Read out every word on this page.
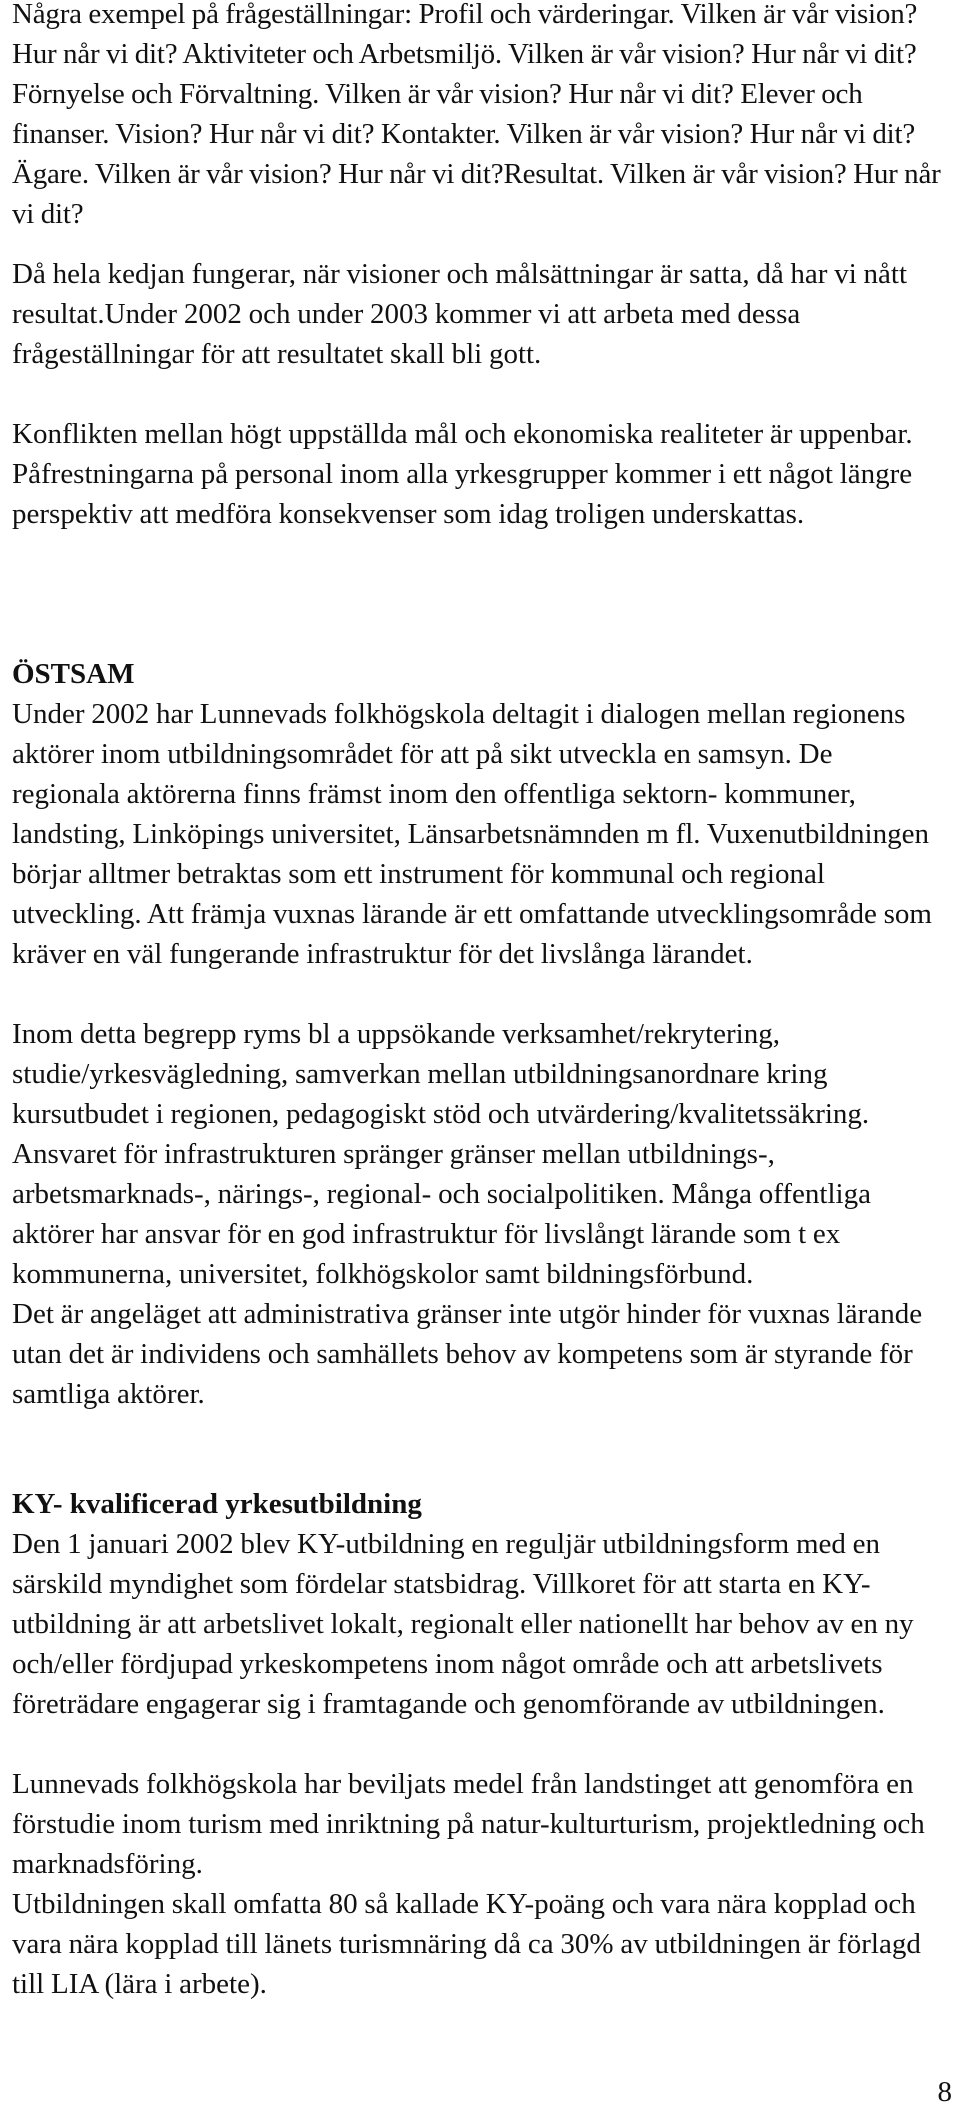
Några exempel på frågeställningar: Profil och värderingar. Vilken är vår vision? Hur når vi dit? Aktiviteter och Arbetsmiljö. Vilken är vår vision? Hur når vi dit? Förnyelse och Förvaltning. Vilken är vår vision? Hur når vi dit? Elever och finanser. Vision? Hur når vi dit? Kontakter. Vilken är vår vision? Hur når vi dit? Ägare. Vilken är vår vision? Hur når vi dit?Resultat. Vilken är vår vision? Hur når vi dit?

Då hela kedjan fungerar, när visioner och målsättningar är satta, då har vi nått resultat.Under 2002 och under 2003 kommer vi att arbeta med dessa frågeställningar för att resultatet skall bli gott.

Konflikten mellan högt uppställda mål och ekonomiska realiteter är uppenbar. Påfrestningarna på personal inom alla yrkesgrupper kommer i ett något längre perspektiv att medföra konsekvenser som idag troligen underskattas.

ÖSTSAM

Under 2002 har Lunnevads folkhögskola deltagit i dialogen mellan regionens aktörer inom utbildningsområdet för att på sikt utveckla en samsyn. De regionala aktörerna finns främst inom den offentliga sektorn- kommuner, landsting, Linköpings universitet, Länsarbetsnämnden m fl. Vuxenutbildningen börjar alltmer betraktas som ett instrument för kommunal och regional utveckling. Att främja vuxnas lärande är ett omfattande utvecklingsområde som kräver en väl fungerande infrastruktur för det livslånga lärandet.

Inom detta begrepp ryms bl a uppsökande verksamhet/rekrytering, studie/yrkesvägledning, samverkan mellan utbildningsanordnare kring kursutbudet i regionen, pedagogiskt stöd och utvärdering/kvalitetssäkring.

Ansvaret för infrastrukturen spränger gränser mellan utbildnings-, arbetsmarknads-, närings-, regional- och socialpolitiken. Många offentliga aktörer har ansvar för en god infrastruktur för livslångt lärande som t ex kommunerna, universitet, folkhögskolor samt bildningsförbund.

Det är angeläget att administrativa gränser inte utgör hinder för vuxnas lärande utan det är individens och samhällets behov av kompetens som är styrande för samtliga aktörer.

KY- kvalificerad yrkesutbildning

Den 1 januari 2002 blev KY-utbildning en reguljär utbildningsform med en särskild myndighet som fördelar statsbidrag. Villkoret för att starta en KY-utbildning är att arbetslivet lokalt, regionalt eller nationellt har behov av en ny och/eller fördjupad yrkeskompetens inom något område och att arbetslivets företrädare engagerar sig i framtagande och genomförande av utbildningen.

Lunnevads folkhögskola har beviljats medel från landstinget att genomföra en förstudie inom turism med inriktning på natur-kulturturism, projektledning och marknadsföring.

Utbildningen skall omfatta 80 så kallade KY-poäng och vara nära kopplad och vara nära kopplad till länets turismnäring då ca 30% av utbildningen är förlagd till LIA (lära i arbete).

8
